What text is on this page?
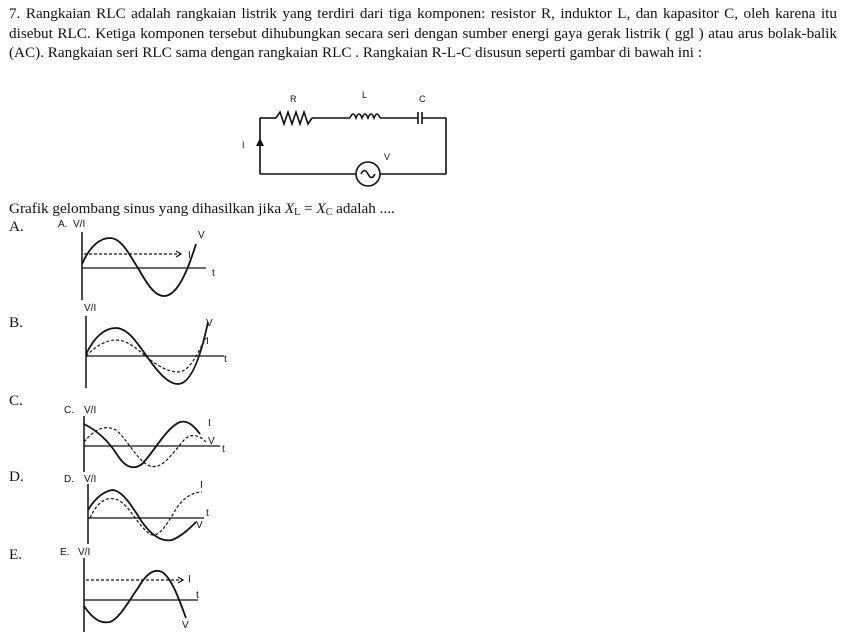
7. Rangkaian RLC adalah rangkaian listrik yang terdiri dari tiga komponen: resistor R, induktor L, dan kapasitor C, oleh karena itu disebut RLC. Ketiga komponen tersebut dihubungkan secara seri dengan sumber energi gaya gerak listrik ( ggl ) atau arus bolak-balik (AC). Rangkaian seri RLC sama dengan rangkaian RLC . Rangkaian R-L-C disusun seperti gambar di bawah ini :
R	L	C
I
V
Grafik gelombang sinus yang dihasilkan jika $X_L = X_C$ adalah ....
A.
B.
C.
D.
E.
A. V/I
V
I
t
V/I
V
I
t
C. V/I
I
V
t
D. V/I
I
t
V
E. V/I
I
t
V
